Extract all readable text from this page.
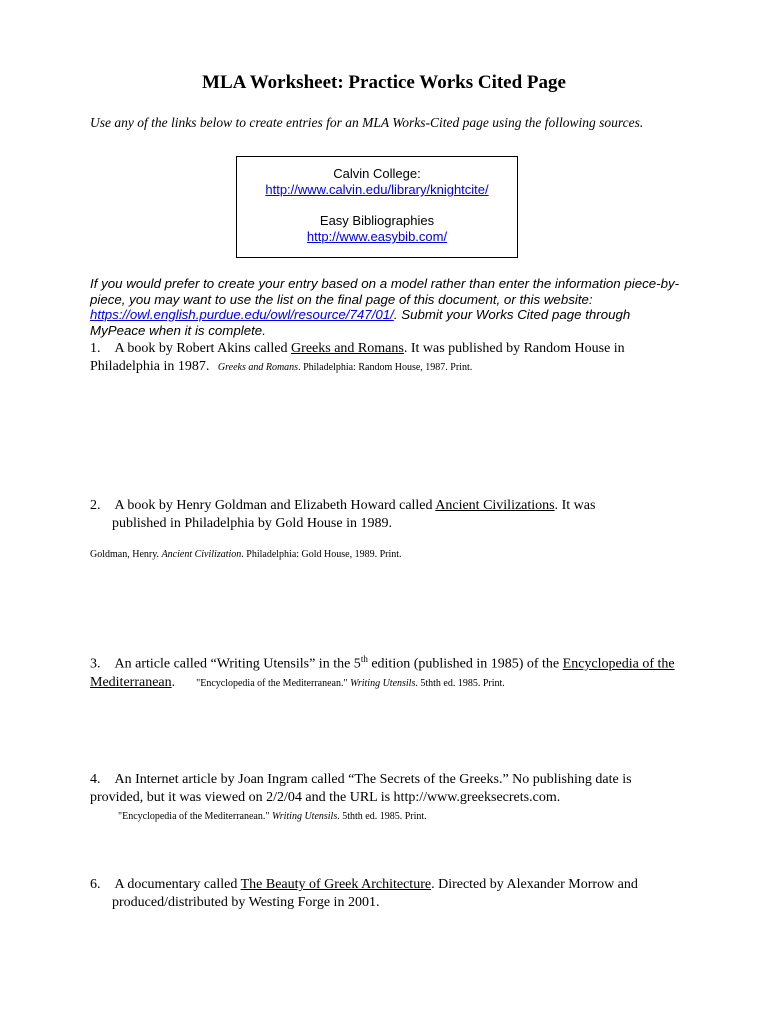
MLA Worksheet: Practice Works Cited Page
Use any of the links below to create entries for an MLA Works-Cited page using the following sources.
Calvin College:
http://www.calvin.edu/library/knightcite/
Easy Bibliographies
http://www.easybib.com/
If you would prefer to create your entry based on a model rather than enter the information piece-by-piece, you may want to use the list on the final page of this document, or this website: https://owl.english.purdue.edu/owl/resource/747/01/. Submit your Works Cited page through MyPeace when it is complete.
1. A book by Robert Akins called Greeks and Romans. It was published by Random House in Philadelphia in 1987. Greeks and Romans. Philadelphia: Random House, 1987. Print.
2. A book by Henry Goldman and Elizabeth Howard called Ancient Civilizations. It was
published in Philadelphia by Gold House in 1989.
Goldman, Henry. Ancient Civilization. Philadelphia: Gold House, 1989. Print.
3. An article called “Writing Utensils” in the 5th edition (published in 1985) of the Encyclopedia of the Mediterranean. "Encyclopedia of the Mediterranean." Writing Utensils. 5thth ed. 1985. Print.
4. An Internet article by Joan Ingram called “The Secrets of the Greeks.” No publishing date is provided, but it was viewed on 2/2/04 and the URL is http://www.greeksecrets.com.
"Encyclopedia of the Mediterranean." Writing Utensils. 5thth ed. 1985. Print.
6. A documentary called The Beauty of Greek Architecture. Directed by Alexander Morrow and
produced/distributed by Westing Forge in 2001.
